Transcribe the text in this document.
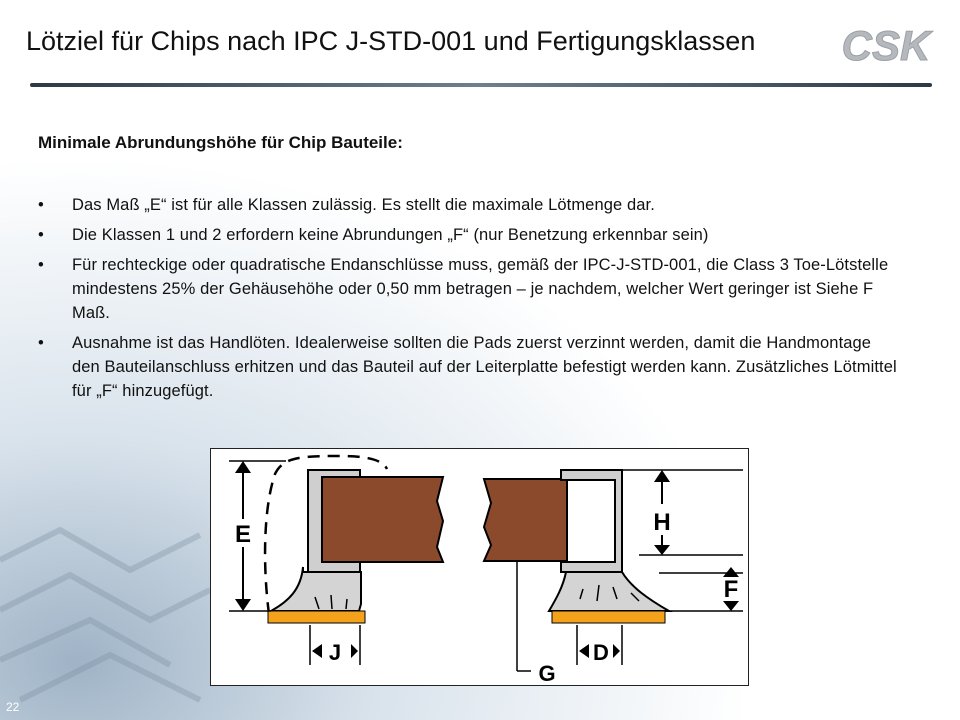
Lötziel für Chips nach IPC J-STD-001 und Fertigungsklassen CSK
Minimale Abrundungshöhe für Chip Bauteile:
• Das Maß „E“ ist für alle Klassen zulässig. Es stellt die maximale Lötmenge dar.
• Die Klassen 1 und 2 erfordern keine Abrundungen „F“ (nur Benetzung erkennbar sein)
• Für rechteckige oder quadratische Endanschlüsse muss, gemäß der IPC-J-STD-001, die Class 3 Toe-Lötstelle mindestens 25% der Gehäusehöhe oder 0,50 mm betragen – je nachdem, welcher Wert geringer ist Siehe F Maß.
• Ausnahme ist das Handlöten. Idealerweise sollten die Pads zuerst verzinnt werden, damit die Handmontage den Bauteilanschluss erhitzen und das Bauteil auf der Leiterplatte befestigt werden kann. Zusätzliches Lötmittel für „F“ hinzugefügt.
E
J
H
F
G
D
22
